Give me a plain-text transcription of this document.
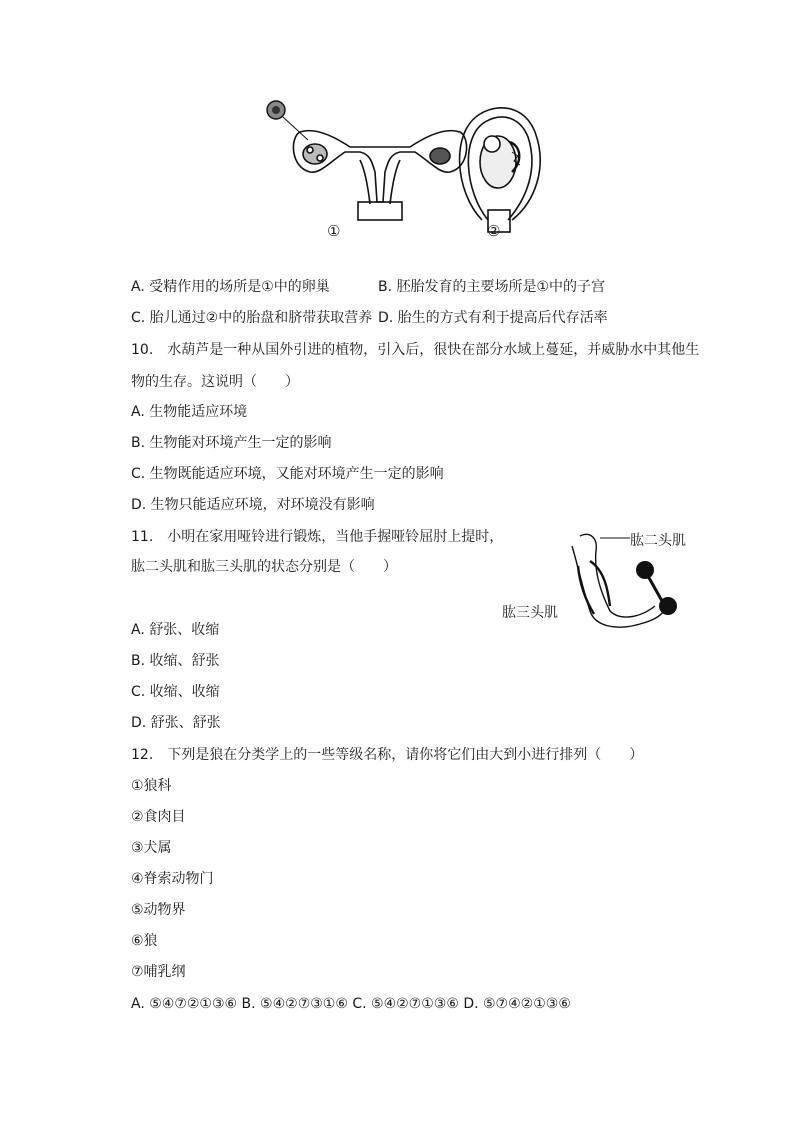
①	②
A. 受精作用的场所是①中的卵巢	B. 胚胎发育的主要场所是①中的子宫
C. 胎儿通过②中的胎盘和脐带获取营养 D. 胎生的方式有利于提高后代存活率
10.　水葫芦是一种从国外引进的植物，引入后，很快在部分水域上蔓延，并威胁水中其他生
物的生存。这说明（　　）
A. 生物能适应环境
B. 生物能对环境产生一定的影响
C. 生物既能适应环境，又能对环境产生一定的影响
D. 生物只能适应环境，对环境没有影响
11.　小明在家用哑铃进行锻炼，当他手握哑铃屈肘上提时，
肱二头肌和肱三头肌的状态分别是（　　）
肱二头肌
肱三头肌
A. 舒张、收缩
B. 收缩、舒张
C. 收缩、收缩
D. 舒张、舒张
12.　下列是狼在分类学上的一些等级名称，请你将它们由大到小进行排列（　　）
①狼科
②食肉目
③犬属
④脊索动物门
⑤动物界
⑥狼
⑦哺乳纲
A. ⑤④⑦②①③⑥ B. ⑤④②⑦③①⑥ C. ⑤④②⑦①③⑥ D. ⑤⑦④②①③⑥
